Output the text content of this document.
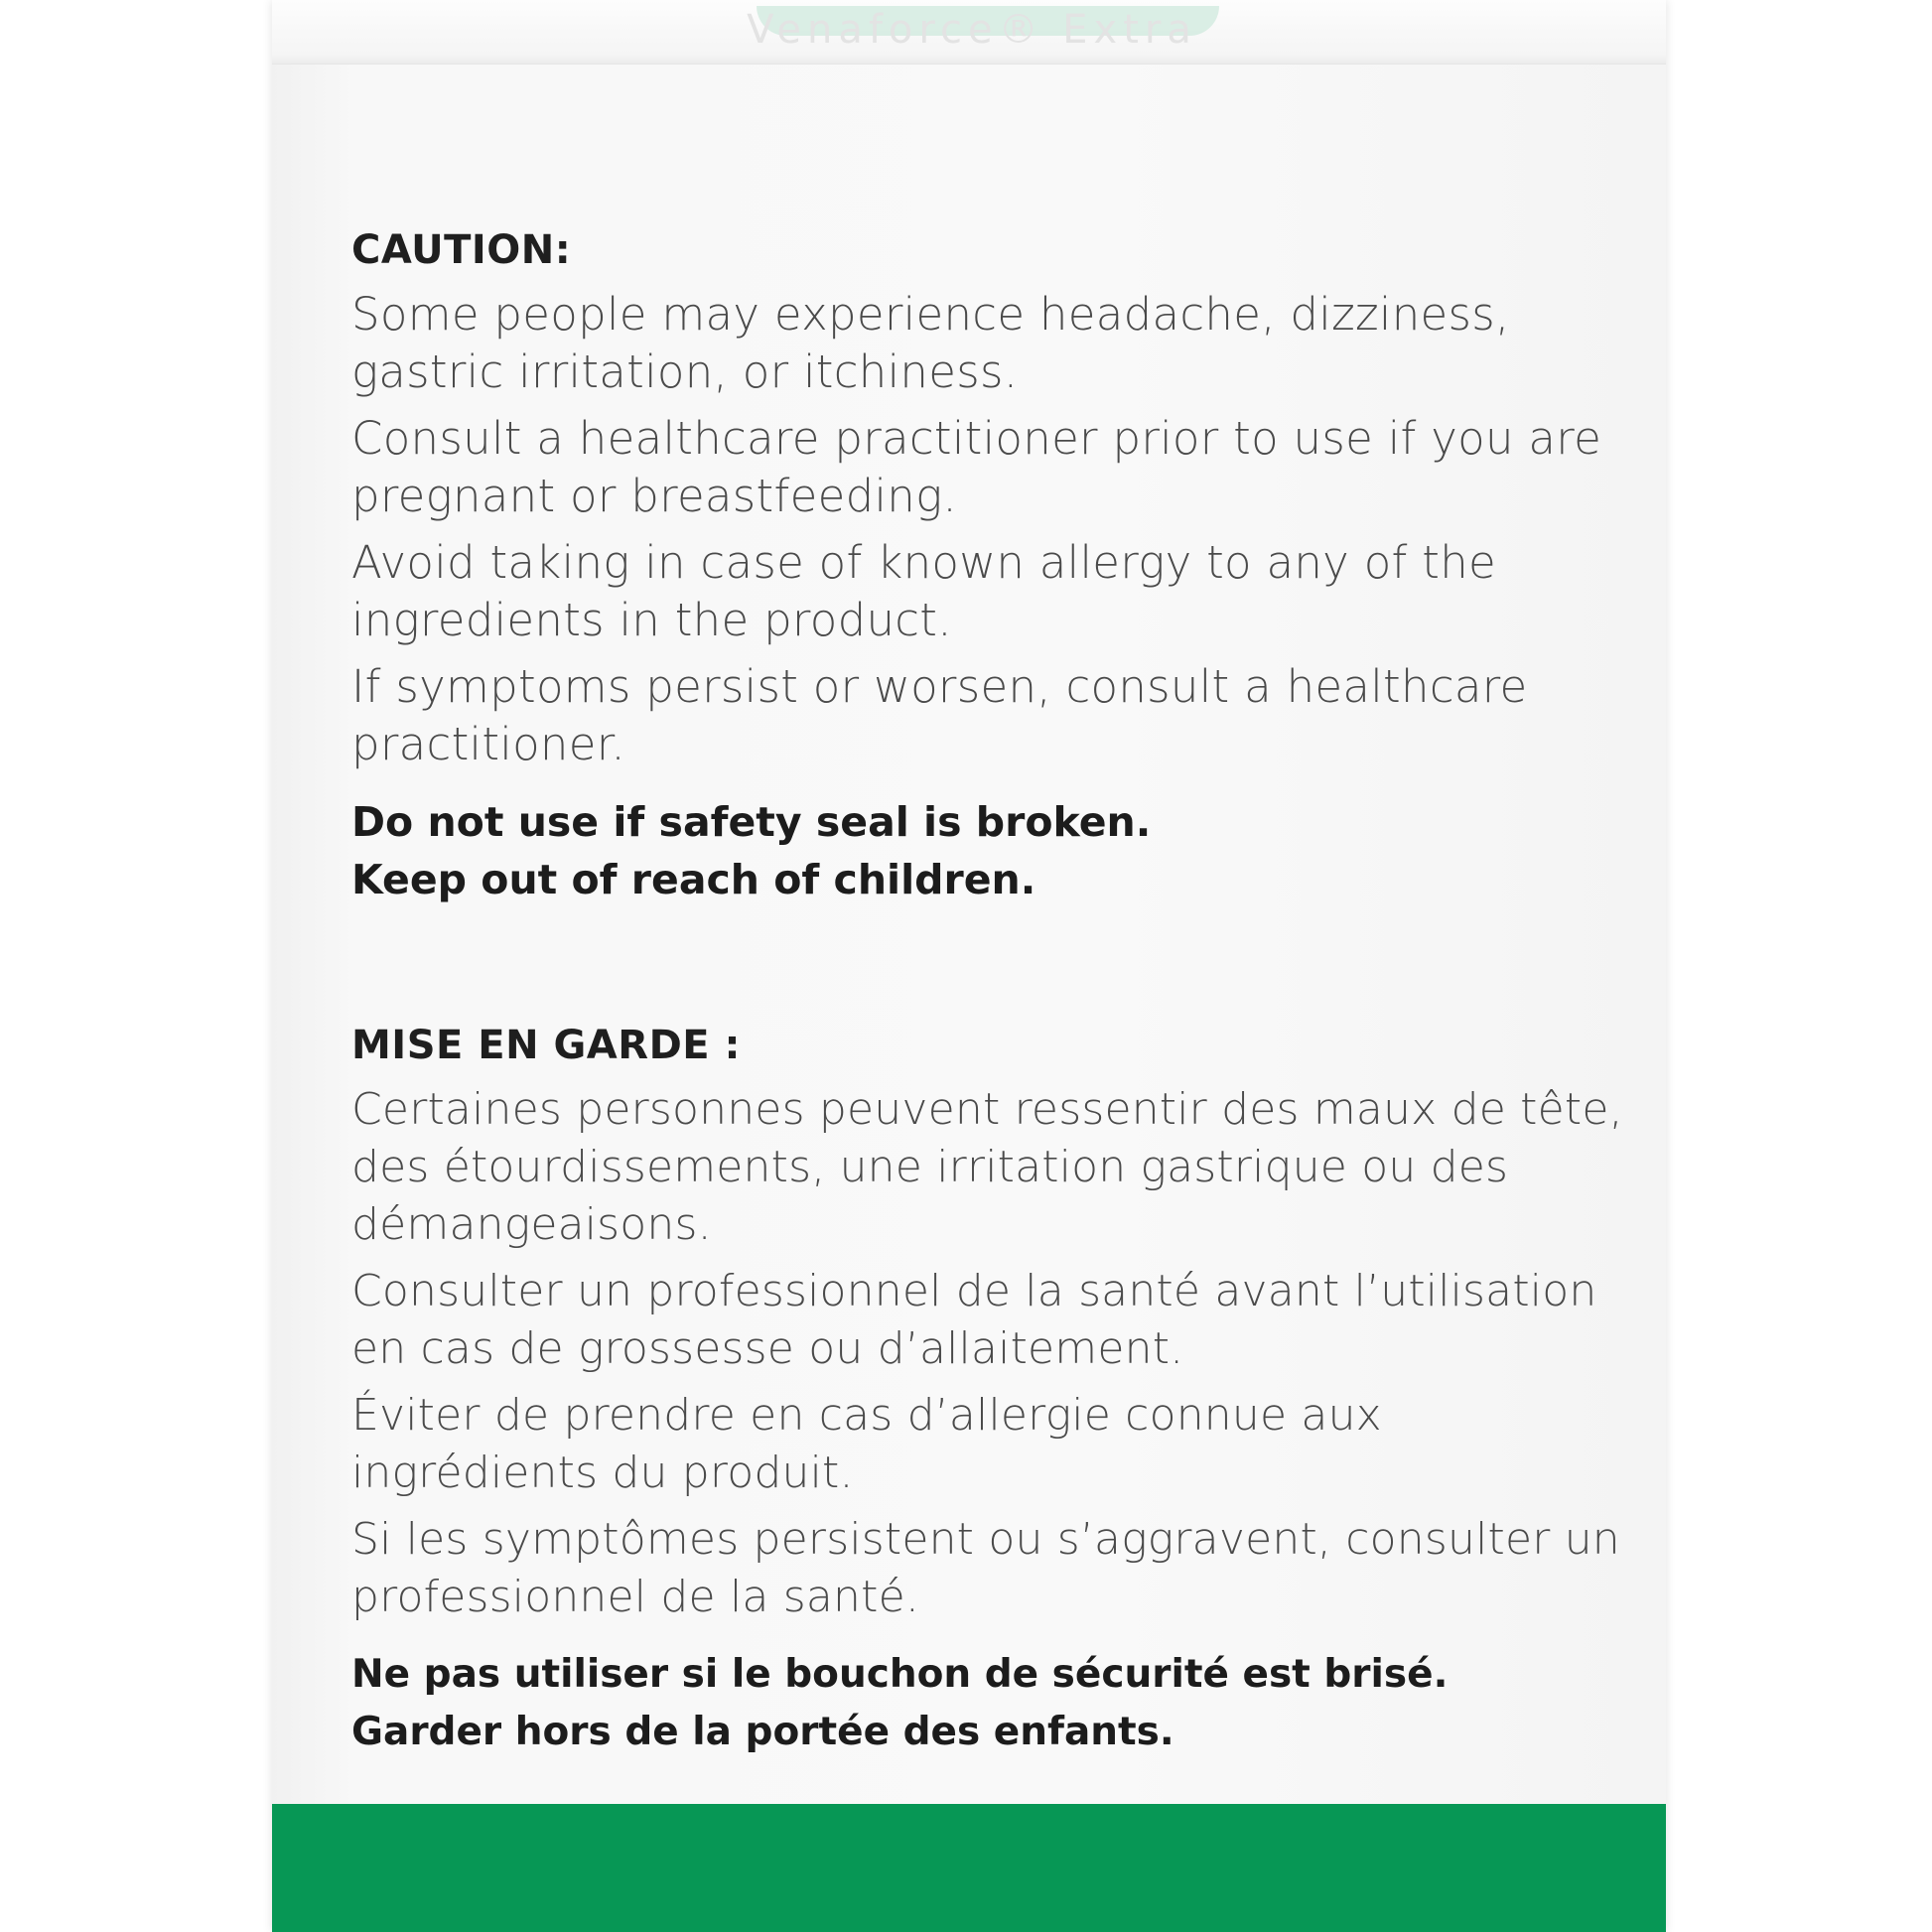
Venaforce® Extra
CAUTION:

Some people may experience headache, dizziness, gastric irritation, or itchiness.

Consult a healthcare practitioner prior to use if you are pregnant or breastfeeding.

Avoid taking in case of known allergy to any of the ingredients in the product.

If symptoms persist or worsen, consult a healthcare practitioner.

Do not use if safety seal is broken.
Keep out of reach of children.
MISE EN GARDE :

Certaines personnes peuvent ressentir des maux de tête, des étourdissements, une irritation gastrique ou des démangeaisons.

Consulter un professionnel de la santé avant l’utilisation en cas de grossesse ou d’allaitement.

Éviter de prendre en cas d’allergie connue aux ingrédients du produit.

Si les symptômes persistent ou s’aggravent, consulter un professionnel de la santé.

Ne pas utiliser si le bouchon de sécurité est brisé.
Garder hors de la portée des enfants.
